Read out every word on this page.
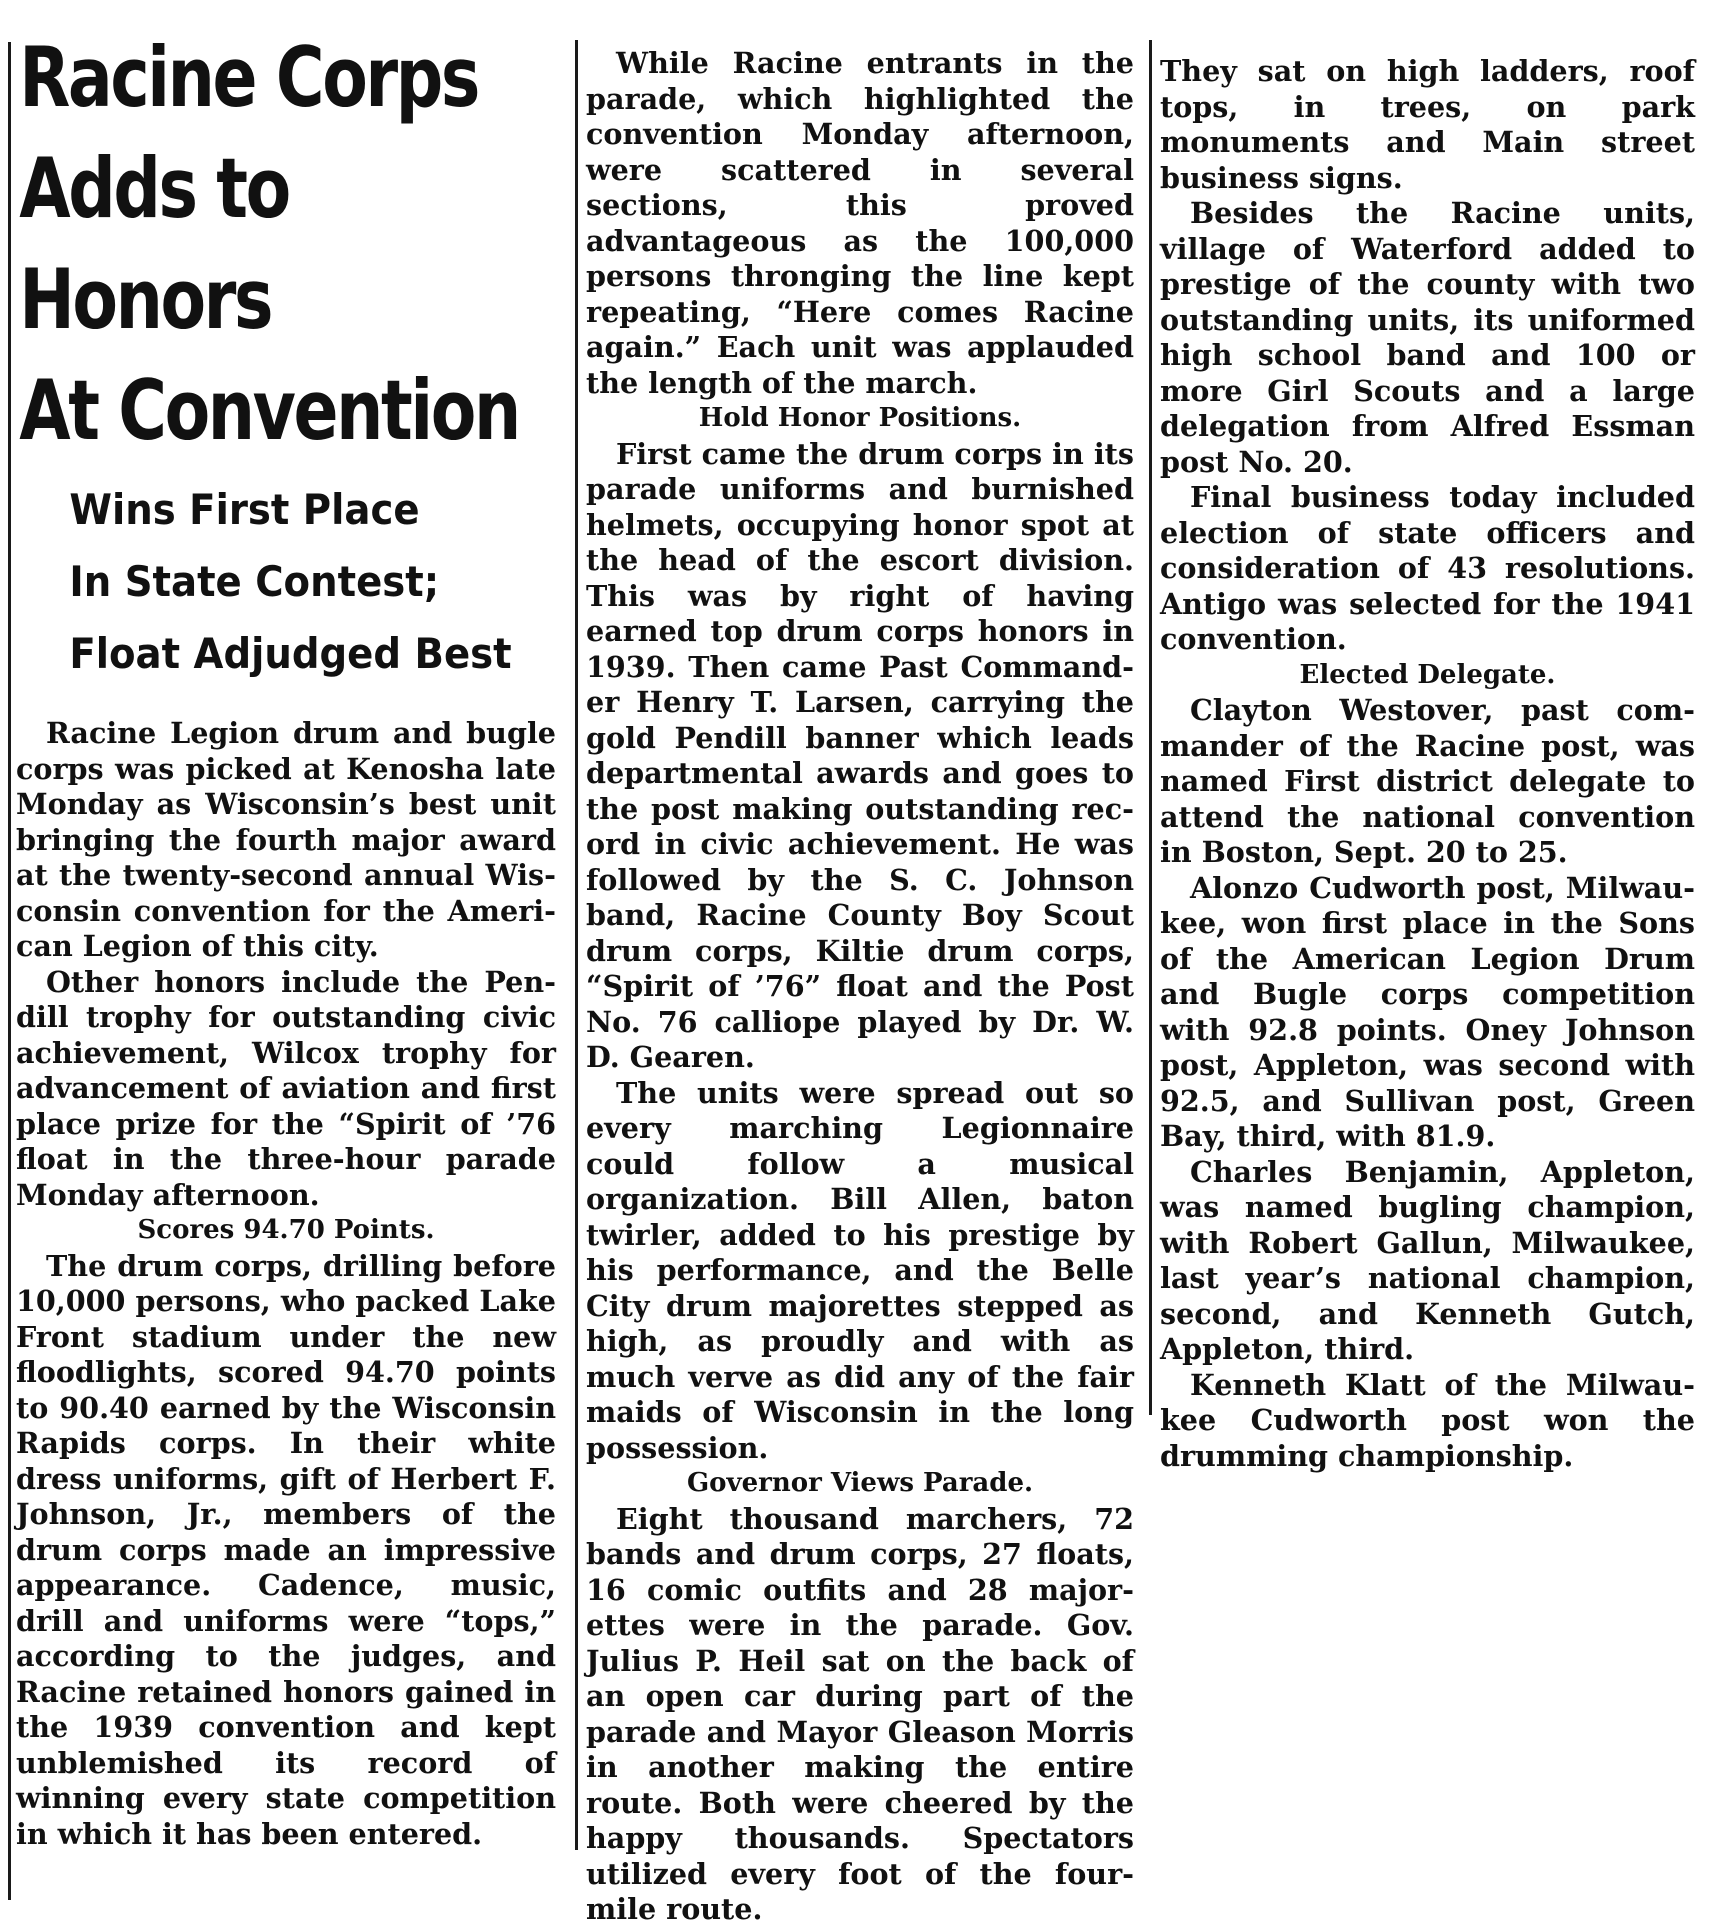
Racine Corps
Adds to Honors
At Convention
Wins First Place
In State Contest;
Float Adjudged Best

Racine Legion drum and bugle corps was picked at Kenosha late Monday as Wisconsin’s best unit bringing the fourth major award at the twenty-second annual Wisconsin convention for the American Legion of this city.

Other honors include the Pendill trophy for outstanding civic achievement, Wilcox trophy for advancement of aviation and first place prize for the “Spirit of ’76 float in the three-hour parade Monday afternoon.

Scores 94.70 Points.

The drum corps, drilling before 10,000 persons, who packed Lake Front stadium under the new floodlights, scored 94.70 points to 90.40 earned by the Wisconsin Rapids corps. In their white dress uniforms, gift of Herbert F. Johnson, Jr., members of the drum corps made an impressive appearance. Cadence, music, drill and uniforms were “tops,” according to the judges, and Racine retained honors gained in the 1939 convention and kept unblemished its record of winning every state competition in which it has been entered.

While Racine entrants in the parade, which highlighted the convention Monday afternoon, were scattered in several sections, this proved advantageous as the 100,000 persons thronging the line kept repeating, “Here comes Racine again.” Each unit was applauded the length of the march.

Hold Honor Positions.

First came the drum corps in its parade uniforms and burnished helmets, occupying honor spot at the head of the escort division. This was by right of having earned top drum corps honors in 1939. Then came Past Commander Henry T. Larsen, carrying the gold Pendill banner which leads departmental awards and goes to the post making outstanding record in civic achievement. He was followed by the S. C. Johnson band, Racine County Boy Scout drum corps, Kiltie drum corps, “Spirit of ’76” float and the Post No. 76 calliope played by Dr. W. D. Gearen.

The units were spread out so every marching Legionnaire could follow a musical organization. Bill Allen, baton twirler, added to his prestige by his performance, and the Belle City drum majorettes stepped as high, as proudly and with as much verve as did any of the fair maids of Wisconsin in the long possession.

Governor Views Parade.

Eight thousand marchers, 72 bands and drum corps, 27 floats, 16 comic outfits and 28 majorettes were in the parade. Gov. Julius P. Heil sat on the back of an open car during part of the parade and Mayor Gleason Morris in another making the entire route. Both were cheered by the happy thousands. Spectators utilized every foot of the four-mile route.

They sat on high ladders, roof tops, in trees, on park monuments and Main street business signs.

Besides the Racine units, village of Waterford added to prestige of the county with two outstanding units, its uniformed high school band and 100 or more Girl Scouts and a large delegation from Alfred Essman post No. 20.

Final business today included election of state officers and consideration of 43 resolutions. Antigo was selected for the 1941 convention.

Elected Delegate.

Clayton Westover, past commander of the Racine post, was named First district delegate to attend the national convention in Boston, Sept. 20 to 25.

Alonzo Cudworth post, Milwaukee, won first place in the Sons of the American Legion Drum and Bugle corps competition with 92.8 points. Oney Johnson post, Appleton, was second with 92.5, and Sullivan post, Green Bay, third, with 81.9.

Charles Benjamin, Appleton, was named bugling champion, with Robert Gallun, Milwaukee, last year’s national champion, second, and Kenneth Gutch, Appleton, third.

Kenneth Klatt of the Milwaukee Cudworth post won the drumming championship.
